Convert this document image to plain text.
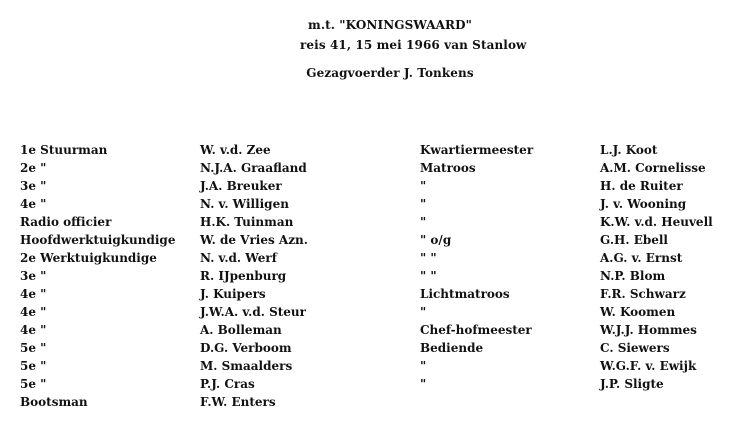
m.t. "KONINGSWAARD"
reis 41, 15 mei 1966 van Stanlow
Gezagvoerder J. Tonkens
1e Stuurman
2e "
3e "
4e "
Radio officier
Hoofdwerktuigkundige
2e Werktuigkundige
3e "
4e "
4e "
4e "
5e "
5e "
5e "
Bootsman
W. v.d. Zee
N.J.A. Graafland
J.A. Breuker
N. v. Willigen
H.K. Tuinman
W. de Vries Azn.
N. v.d. Werf
R. IJpenburg
J. Kuipers
J.W.A. v.d. Steur
A. Bolleman
D.G. Verboom
M. Smaalders
P.J. Cras
F.W. Enters
Kwartiermeester
Matroos
"
"
"
" o/g
" "
" "
Lichtmatroos
"
Chef-hofmeester
Bediende
"
"
L.J. Koot
A.M. Cornelisse
H. de Ruiter
J. v. Wooning
K.W. v.d. Heuvell
G.H. Ebell
A.G. v. Ernst
N.P. Blom
F.R. Schwarz
W. Koomen
W.J.J. Hommes
C. Siewers
W.G.F. v. Ewijk
J.P. Sligte
